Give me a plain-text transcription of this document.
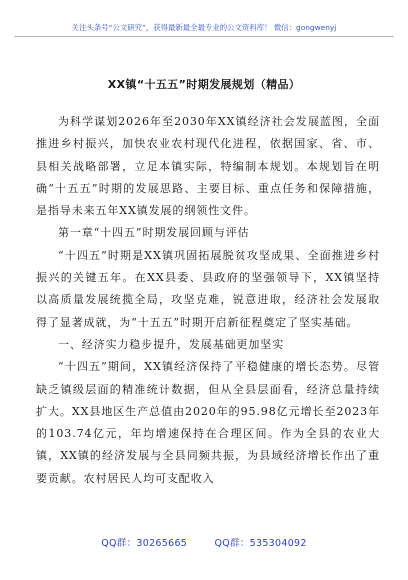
关注头条号“公文研究”，获得最新最全最专业的公文资料库！ 微信：gongwenyj
XX镇“十五五”时期发展规划（精品）

为科学谋划2026年至2030年XX镇经济社会发展蓝图，全面推进乡村振兴，加快农业农村现代化进程，依据国家、省、市、县相关战略部署，立足本镇实际，特编制本规划。本规划旨在明确“十五五”时期的发展思路、主要目标、重点任务和保障措施，是指导未来五年XX镇发展的纲领性文件。

第一章“十四五”时期发展回顾与评估

“十四五”时期是XX镇巩固拓展脱贫攻坚成果、全面推进乡村振兴的关键五年。在XX县委、县政府的坚强领导下，XX镇坚持以高质量发展统揽全局，攻坚克难，锐意进取，经济社会发展取得了显著成就，为“十五五”时期开启新征程奠定了坚实基础。

一、经济实力稳步提升，发展基础更加坚实

“十四五”期间，XX镇经济保持了平稳健康的增长态势。尽管缺乏镇级层面的精准统计数据，但从全县层面看，经济总量持续扩大。XX县地区生产总值由2020年的95.98亿元增长至2023年的103.74亿元，年均增速保持在合理区间。作为全县的农业大镇，XX镇的经济发展与全县同频共振，为县域经济增长作出了重要贡献。农村居民人均可支配收入

QQ群：30265665	QQ群：535304092
